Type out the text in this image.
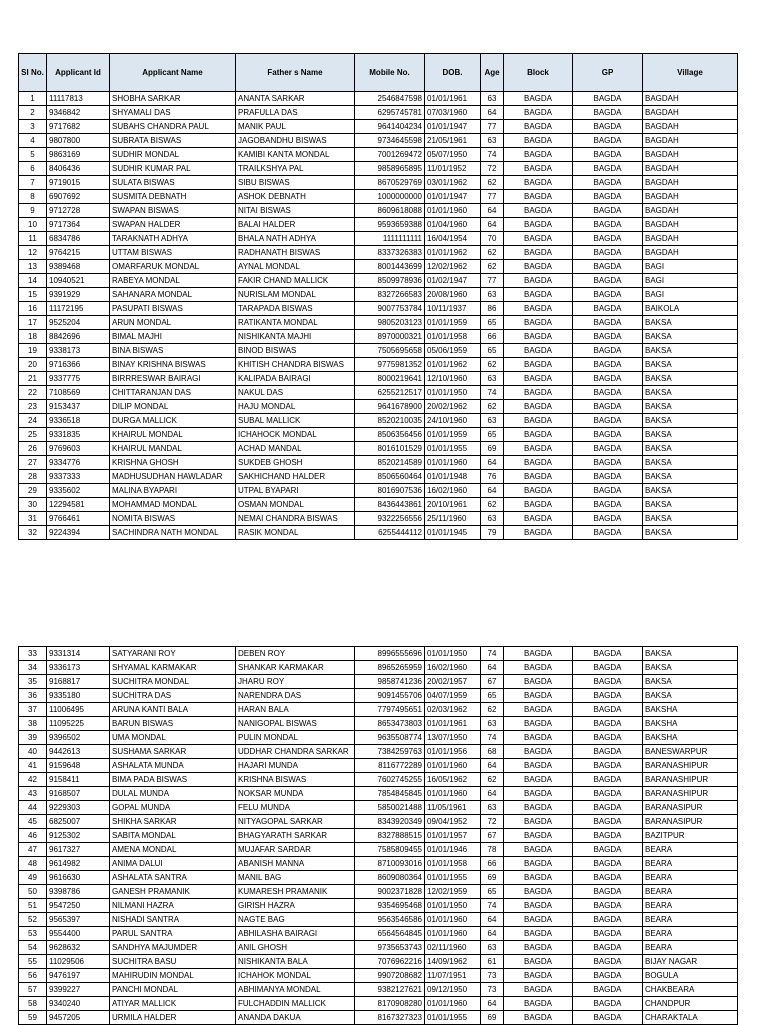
Sl No.	Applicant Id	Applicant Name	Father s Name	Mobile No.	DOB.	Age	Block	GP	Village
1	11117813	SHOBHA SARKAR	ANANTA SARKAR	2546847598	01/01/1961	63	BAGDA	BAGDA	BAGDAH
2	9346842	SHYAMALI DAS	PRAFULLA DAS	6295745781	07/03/1960	64	BAGDA	BAGDA	BAGDAH
3	9717682	SUBAHS CHANDRA PAUL	MANIK PAUL	9641404234	01/01/1947	77	BAGDA	BAGDA	BAGDAH
4	9807800	SUBRATA BISWAS	JAGOBANDHU BISWAS	9734645598	21/05/1961	63	BAGDA	BAGDA	BAGDAH
5	9863169	SUDHIR MONDAL	KAMIBI KANTA MONDAL	7001269472	05/07/1950	74	BAGDA	BAGDA	BAGDAH
6	8406436	SUDHIR KUMAR PAL	TRAILKSHYA PAL	9858965895	11/01/1952	72	BAGDA	BAGDA	BAGDAH
7	9719015	SULATA BISWAS	SIBU BISWAS	8670529769	03/01/1962	62	BAGDA	BAGDA	BAGDAH
8	6907692	SUSMITA DEBNATH	ASHOK DEBNATH	1000000000	01/01/1947	77	BAGDA	BAGDA	BAGDAH
9	9712728	SWAPAN BISWAS	NITAI BISWAS	8609618088	01/01/1960	64	BAGDA	BAGDA	BAGDAH
10	9717364	SWAPAN HALDER	BALAI HALDER	9593659388	01/04/1960	64	BAGDA	BAGDA	BAGDAH
11	6834786	TARAKNATH ADHYA	BHALA NATH ADHYA	1111111111	16/04/1954	70	BAGDA	BAGDA	BAGDAH
12	9764215	UTTAM BISWAS	RADHANATH BISWAS	8337326383	01/01/1962	62	BAGDA	BAGDA	BAGDAH
13	9389468	OMARFARUK MONDAL	AYNAL MONDAL	8001443699	12/02/1962	62	BAGDA	BAGDA	BAGI
14	10940521	RABEYA MONDAL	FAKIR CHAND MALLICK	8509978936	01/02/1947	77	BAGDA	BAGDA	BAGI
15	9391929	SAHANARA MONDAL	NURISLAM MONDAL	8327266583	20/08/1960	63	BAGDA	BAGDA	BAGI
16	11172195	PASUPATI BISWAS	TARAPADA BISWAS	9007753784	10/11/1937	86	BAGDA	BAGDA	BAIKOLA
17	9525204	ARUN MONDAL	RATIKANTA MONDAL	9805203123	01/01/1959	65	BAGDA	BAGDA	BAKSA
18	8842696	BIMAL MAJHI	NISHIKANTA MAJHI	8970000321	01/01/1958	66	BAGDA	BAGDA	BAKSA
19	9338173	BINA BISWAS	BINOD BISWAS	7505695658	05/06/1959	65	BAGDA	BAGDA	BAKSA
20	9716366	BINAY KRISHNA BISWAS	KHITISH CHANDRA BISWAS	9775981352	01/01/1962	62	BAGDA	BAGDA	BAKSA
21	9337775	BIRRRESWAR BAIRAGI	KALIPADA BAIRAGI	8000219641	12/10/1960	63	BAGDA	BAGDA	BAKSA
22	7108569	CHITTARANJAN DAS	NAKUL DAS	6255212517	01/01/1950	74	BAGDA	BAGDA	BAKSA
23	9153437	DILIP MONDAL	HAJU MONDAL	9641678900	20/02/1962	62	BAGDA	BAGDA	BAKSA
24	9336518	DURGA MALLICK	SUBAL MALLICK	8520210035	24/10/1960	63	BAGDA	BAGDA	BAKSA
25	9331835	KHAIRUL MONDAL	ICHAHOCK MONDAL	8506356456	01/01/1959	65	BAGDA	BAGDA	BAKSA
26	9769603	KHAIRUL MANDAL	ACHAD MANDAL	8016101529	01/01/1955	69	BAGDA	BAGDA	BAKSA
27	9334776	KRISHNA GHOSH	SUKDEB GHOSH	8520214589	01/01/1960	64	BAGDA	BAGDA	BAKSA
28	9337333	MADHUSUDHAN HAWLADAR	SAKHICHAND HALDER	8506560464	01/01/1948	76	BAGDA	BAGDA	BAKSA
29	9335602	MALINA BYAPARI	UTPAL BYAPARI	8016907536	16/02/1960	64	BAGDA	BAGDA	BAKSA
30	12294581	MOHAMMAD MONDAL	OSMAN MONDAL	8436443861	20/10/1961	62	BAGDA	BAGDA	BAKSA
31	9766461	NOMITA BISWAS	NEMAI CHANDRA BISWAS	9322256556	25/11/1960	63	BAGDA	BAGDA	BAKSA
32	9224394	SACHINDRA NATH MONDAL	RASIK MONDAL	6255444112	01/01/1945	79	BAGDA	BAGDA	BAKSA
33	9331314	SATYARANI ROY	DEBEN ROY	8996555696	01/01/1950	74	BAGDA	BAGDA	BAKSA
34	9336173	SHYAMAL KARMAKAR	SHANKAR KARMAKAR	8965265959	16/02/1960	64	BAGDA	BAGDA	BAKSA
35	9168817	SUCHITRA MONDAL	JHARU ROY	9858741236	20/02/1957	67	BAGDA	BAGDA	BAKSA
36	9335180	SUCHITRA DAS	NARENDRA DAS	9091455706	04/07/1959	65	BAGDA	BAGDA	BAKSA
37	11006495	ARUNA KANTI BALA	HARAN BALA	7797495651	02/03/1962	62	BAGDA	BAGDA	BAKSHA
38	11095225	BARUN BISWAS	NANIGOPAL BISWAS	8653473803	01/01/1961	63	BAGDA	BAGDA	BAKSHA
39	9396502	UMA MONDAL	PULIN MONDAL	9635508774	13/07/1950	74	BAGDA	BAGDA	BAKSHA
40	9442613	SUSHAMA SARKAR	UDDHAR CHANDRA SARKAR	7384259763	01/01/1956	68	BAGDA	BAGDA	BANESWARPUR
41	9159648	ASHALATA MUNDA	HAJARI MUNDA	8116772289	01/01/1960	64	BAGDA	BAGDA	BARANASHIPUR
42	9158411	BIMA PADA BISWAS	KRISHNA BISWAS	7602745255	16/05/1962	62	BAGDA	BAGDA	BARANASHIPUR
43	9168507	DULAL MUNDA	NOKSAR MUNDA	7854845845	01/01/1960	64	BAGDA	BAGDA	BARANASHIPUR
44	9229303	GOPAL MUNDA	FELU MUNDA	5850021488	11/05/1961	63	BAGDA	BAGDA	BARANASIPUR
45	6825007	SHIKHA SARKAR	NITYAGOPAL SARKAR	8343920349	09/04/1952	72	BAGDA	BAGDA	BARANASIPUR
46	9125302	SABITA MONDAL	BHAGYARATH SARKAR	8327888515	01/01/1957	67	BAGDA	BAGDA	BAZITPUR
47	9617327	AMENA MONDAL	MUJAFAR SARDAR	7585809455	01/01/1946	78	BAGDA	BAGDA	BEARA
48	9614982	ANIMA DALUI	ABANISH MANNA	8710093016	01/01/1958	66	BAGDA	BAGDA	BEARA
49	9616630	ASHALATA SANTRA	MANIL BAG	8609080364	01/01/1955	69	BAGDA	BAGDA	BEARA
50	9398786	GANESH PRAMANIK	KUMARESH PRAMANIK	9002371828	12/02/1959	65	BAGDA	BAGDA	BEARA
51	9547250	NILMANI HAZRA	GIRISH HAZRA	9354695468	01/01/1950	74	BAGDA	BAGDA	BEARA
52	9565397	NISHADI SANTRA	NAGTE BAG	9563546586	01/01/1960	64	BAGDA	BAGDA	BEARA
53	9554400	PARUL SANTRA	ABHILASHA BAIRAGI	6564564845	01/01/1960	64	BAGDA	BAGDA	BEARA
54	9628632	SANDHYA MAJUMDER	ANIL GHOSH	9735653743	02/11/1960	63	BAGDA	BAGDA	BEARA
55	11029506	SUCHITRA BASU	NISHIKANTA BALA	7076962216	14/09/1962	61	BAGDA	BAGDA	BIJAY NAGAR
56	9476197	MAHIRUDIN MONDAL	ICHAHOK MONDAL	9907208682	11/07/1951	73	BAGDA	BAGDA	BOGULA
57	9399227	PANCHI MONDAL	ABHIMANYA MONDAL	9382127621	09/12/1950	73	BAGDA	BAGDA	CHAKBEARA
58	9340240	ATIYAR MALLICK	FULCHADDIN MALLICK	8170908280	01/01/1960	64	BAGDA	BAGDA	CHANDPUR
59	9457205	URMILA HALDER	ANANDA DAKUA	8167327323	01/01/1955	69	BAGDA	BAGDA	CHARAKTALA
